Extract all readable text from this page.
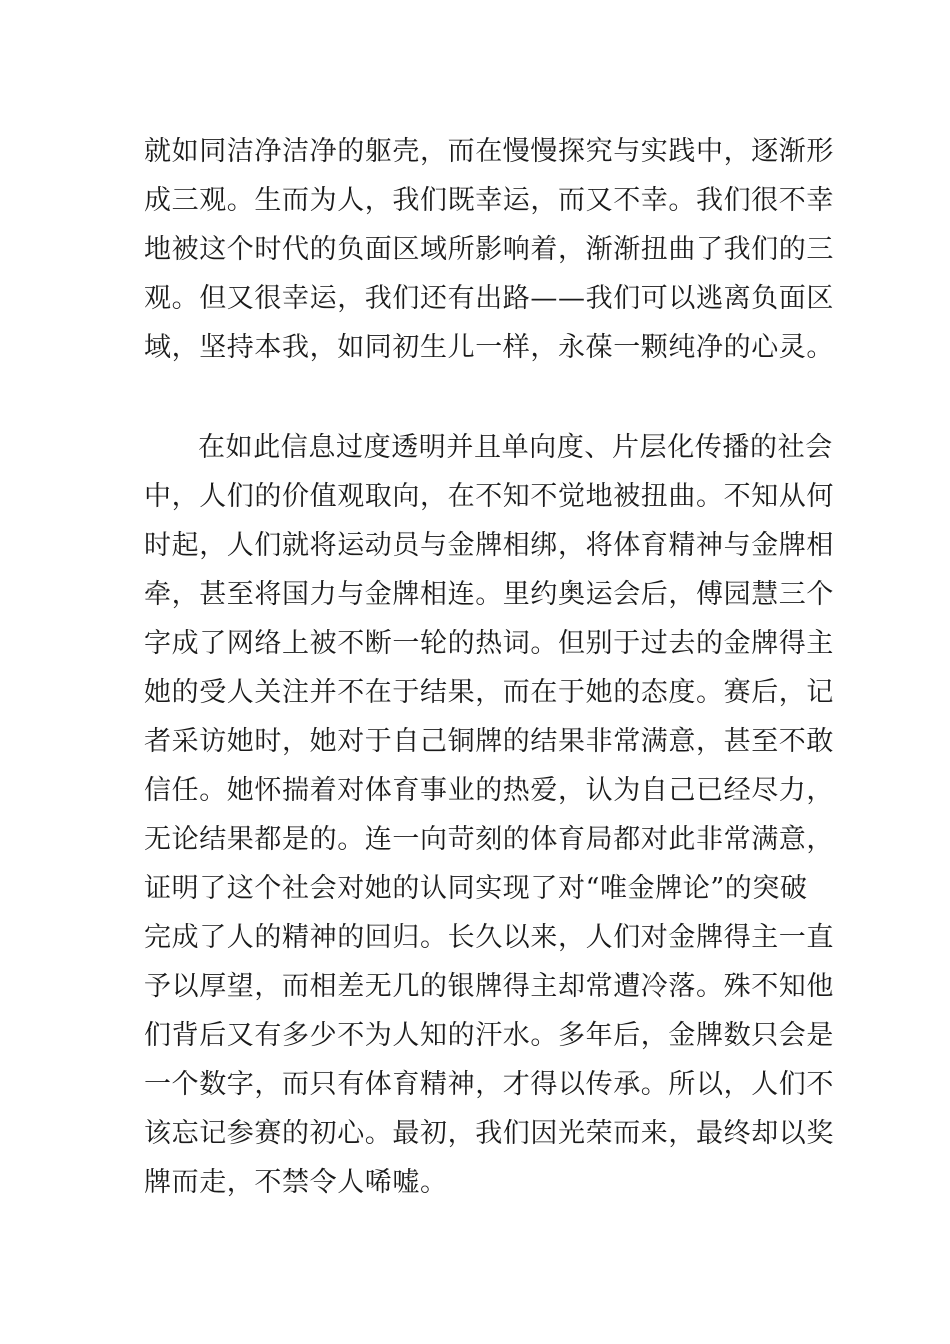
就如同洁净洁净的躯壳，而在慢慢探究与实践中，逐渐形
成三观。生而为人，我们既幸运，而又不幸。我们很不幸
地被这个时代的负面区域所影响着，渐渐扭曲了我们的三
观。但又很幸运，我们还有出路——我们可以逃离负面区
域，坚持本我，如同初生儿一样，永葆一颗纯净的心灵。
在如此信息过度透明并且单向度、片层化传播的社会
中，人们的价值观取向，在不知不觉地被扭曲。不知从何
时起，人们就将运动员与金牌相绑，将体育精神与金牌相
牵，甚至将国力与金牌相连。里约奥运会后，傅园慧三个
字成了网络上被不断一轮的热词。但别于过去的金牌得主
她的受人关注并不在于结果，而在于她的态度。赛后，记
者采访她时，她对于自己铜牌的结果非常满意，甚至不敢
信任。她怀揣着对体育事业的热爱，认为自己已经尽力，
无论结果都是的。连一向苛刻的体育局都对此非常满意，
证明了这个社会对她的认同实现了对“唯金牌论”的突破
完成了人的精神的回归。长久以来，人们对金牌得主一直
予以厚望，而相差无几的银牌得主却常遭冷落。殊不知他
们背后又有多少不为人知的汗水。多年后，金牌数只会是
一个数字，而只有体育精神，才得以传承。所以，人们不
该忘记参赛的初心。最初，我们因光荣而来，最终却以奖
牌而走，不禁令人唏嘘。
